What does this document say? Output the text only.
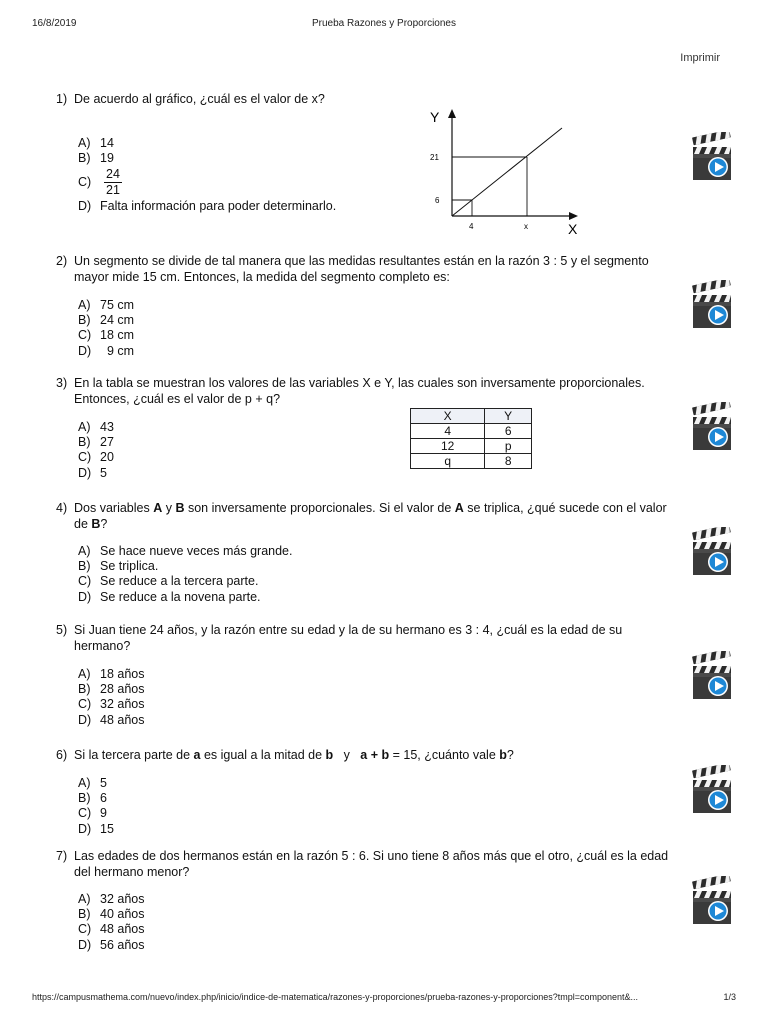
16/8/2019	Prueba Razones y Proporciones
Imprimir
1) De acuerdo al gráfico, ¿cuál es el valor de x?
A) 14
B) 19
C)	$\frac{24}{21}$
D) Falta información para poder determinarlo.
Y
X
21
6
4	x
2) Un segmento se divide de tal manera que las medidas resultantes están en la razón 3 : 5 y el segmento
mayor mide 15 cm. Entonces, la medida del segmento completo es:
A) 75 cm
B) 24 cm
C) 18 cm
D) 9 cm
3) En la tabla se muestran los valores de las variables X e Y, las cuales son inversamente proporcionales.
Entonces, ¿cuál es el valor de p + q?
A) 43
B) 27
C) 20
D) 5
X	Y
4	6
12	p
q	8
4) Dos variables A y B son inversamente proporcionales. Si el valor de A se triplica, ¿qué sucede con el valor
de B?
A) Se hace nueve veces más grande.
B) Se triplica.
C) Se reduce a la tercera parte.
D) Se reduce a la novena parte.
5) Si Juan tiene 24 años, y la razón entre su edad y la de su hermano es 3 : 4, ¿cuál es la edad de su
hermano?
A) 18 años
B) 28 años
C) 32 años
D) 48 años
6) Si la tercera parte de a es igual a la mitad de b   y   a + b = 15, ¿cuánto vale b?
A) 5
B) 6
C) 9
D) 15
7) Las edades de dos hermanos están en la razón 5 : 6. Si uno tiene 8 años más que el otro, ¿cuál es la edad
del hermano menor?
A) 32 años
B) 40 años
C) 48 años
D) 56 años
https://campusmathema.com/nuevo/index.php/inicio/indice-de-matematica/razones-y-proporciones/prueba-razones-y-proporciones?tmpl=component&...	1/3
